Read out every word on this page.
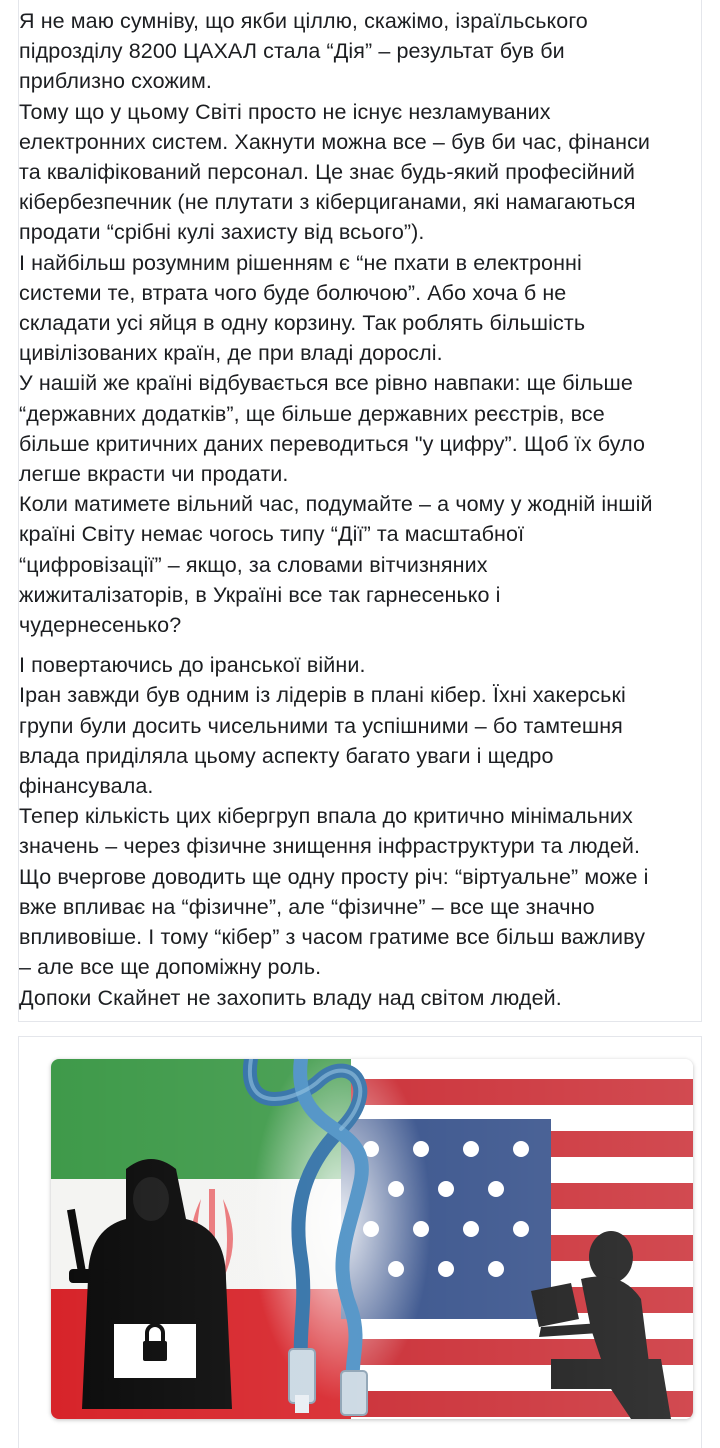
Я не маю сумніву, що якби ціллю, скажімо, ізраїльського
підрозділу 8200 ЦАХАЛ стала “Дія” – результат був би
приблизно схожим.

Тому що у цьому Світі просто не існує незламуваних
електронних систем. Хакнути можна все – був би час, фінанси
та кваліфікований персонал. Це знає будь-який професійний
кібербезпечник (не плутати з кіберциганами, які намагаються
продати “срібні кулі захисту від всього”).

І найбільш розумним рішенням є “не пхати в електронні
системи те, втрата чого буде болючою”. Або хоча б не
складати усі яйця в одну корзину. Так роблять більшість
цивілізованих країн, де при владі дорослі.

У нашій же країні відбувається все рівно навпаки: ще більше
“державних додатків”, ще більше державних реєстрів, все
більше критичних даних переводиться "у цифру”. Щоб їх було
легше вкрасти чи продати.

Коли матимете вільний час, подумайте – а чому у жодній іншій
країні Світу немає чогось типу “Дії” та масштабної
“цифровізації” – якщо, за словами вітчизняних
жижиталізаторів, в Україні все так гарнесенько і
чудернесенько?

І повертаючись до іранської війни.

Іран завжди був одним із лідерів в плані кібер. Їхні хакерські
групи були досить чисельними та успішними – бо тамтешня
влада приділяла цьому аспекту багато уваги і щедро
фінансувала.

Тепер кількість цих кібергруп впала до критично мінімальних
значень – через фізичне знищення інфраструктури та людей.
Що вчергове доводить ще одну просту річ: “віртуальне” може і
вже впливає на “фізичне”, але “фізичне” – все ще значно
впливовіше. І тому “кібер” з часом гратиме все більш важливу
– але все ще допоміжну роль.

Допоки Скайнет не захопить владу над світом людей.
